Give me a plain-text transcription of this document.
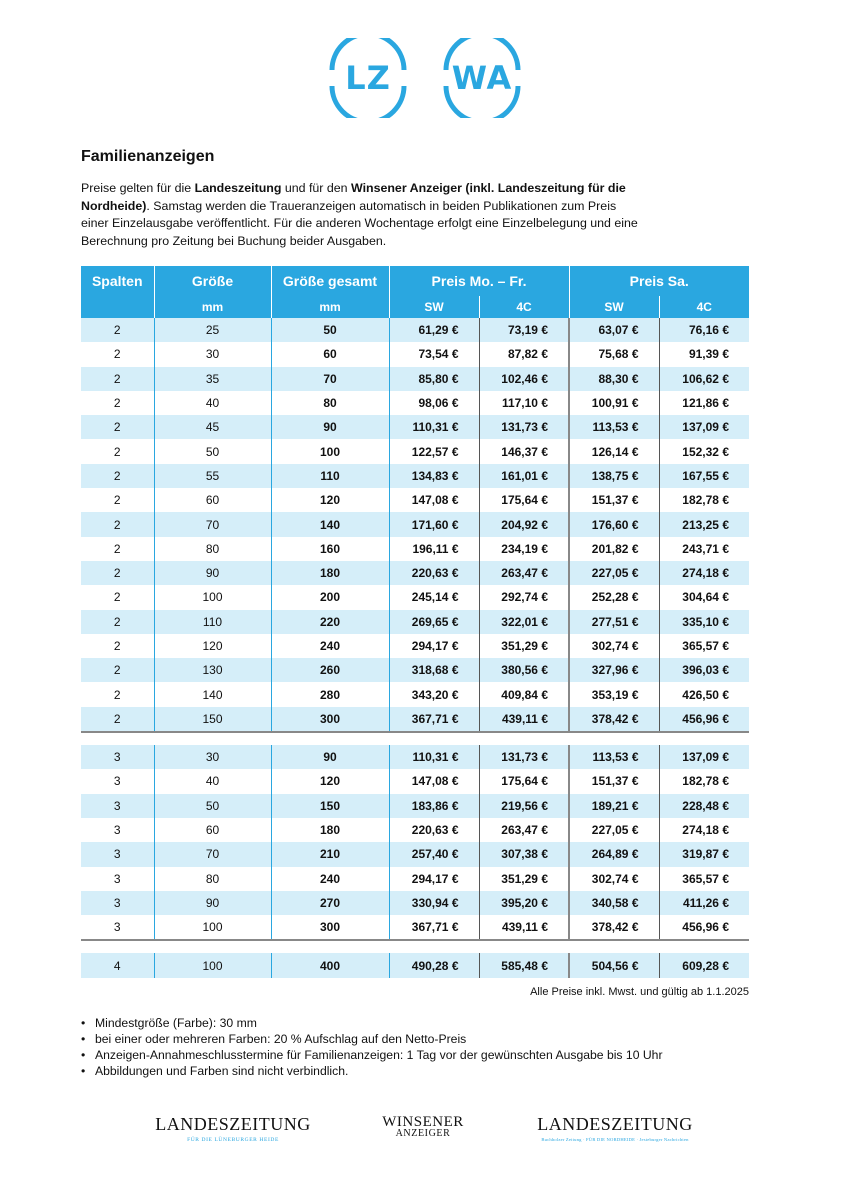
LZ	WA
Familienanzeigen

Preise gelten für die Landeszeitung und für den Winsener Anzeiger (inkl. Landeszeitung für die Nordheide). Samstag werden die Traueranzeigen automatisch in beiden Publikationen zum Preis einer Einzelausgabe veröffentlicht. Für die anderen Wochentage erfolgt eine Einzelbelegung und eine Berechnung pro Zeitung bei Buchung beider Ausgaben.

Spalten	Größe	Größe gesamt	Preis Mo. – Fr.		Preis Sa.	
	mm	mm	SW	4C	SW	4C
2	25	50	61,29 €	73,19 €	63,07 €	76,16 €
2	30	60	73,54 €	87,82 €	75,68 €	91,39 €
2	35	70	85,80 €	102,46 €	88,30 €	106,62 €
2	40	80	98,06 €	117,10 €	100,91 €	121,86 €
2	45	90	110,31 €	131,73 €	113,53 €	137,09 €
2	50	100	122,57 €	146,37 €	126,14 €	152,32 €
2	55	110	134,83 €	161,01 €	138,75 €	167,55 €
2	60	120	147,08 €	175,64 €	151,37 €	182,78 €
2	70	140	171,60 €	204,92 €	176,60 €	213,25 €
2	80	160	196,11 €	234,19 €	201,82 €	243,71 €
2	90	180	220,63 €	263,47 €	227,05 €	274,18 €
2	100	200	245,14 €	292,74 €	252,28 €	304,64 €
2	110	220	269,65 €	322,01 €	277,51 €	335,10 €
2	120	240	294,17 €	351,29 €	302,74 €	365,57 €
2	130	260	318,68 €	380,56 €	327,96 €	396,03 €
2	140	280	343,20 €	409,84 €	353,19 €	426,50 €
2	150	300	367,71 €	439,11 €	378,42 €	456,96 €

3	30	90	110,31 €	131,73 €	113,53 €	137,09 €
3	40	120	147,08 €	175,64 €	151,37 €	182,78 €
3	50	150	183,86 €	219,56 €	189,21 €	228,48 €
3	60	180	220,63 €	263,47 €	227,05 €	274,18 €
3	70	210	257,40 €	307,38 €	264,89 €	319,87 €
3	80	240	294,17 €	351,29 €	302,74 €	365,57 €
3	90	270	330,94 €	395,20 €	340,58 €	411,26 €
3	100	300	367,71 €	439,11 €	378,42 €	456,96 €

4	100	400	490,28 €	585,48 €	504,56 €	609,28 €
Alle Preise inkl. Mwst. und gültig ab 1.1.2025
• Mindestgröße (Farbe): 30 mm
• bei einer oder mehreren Farben: 20 % Aufschlag auf den Netto-Preis
• Anzeigen-Annahmeschlusstermine für Familienanzeigen: 1 Tag vor der gewünschten Ausgabe bis 10 Uhr
• Abbildungen und Farben sind nicht verbindlich.
LANDESZEITUNG
FÜR DIE LÜNEBURGER HEIDE
WINSENER
ANZEIGER	LANDESZEITUNG
Buchholzer Zeitung · FÜR DIE NORDHEIDE · Jesteburger Nachrichten
